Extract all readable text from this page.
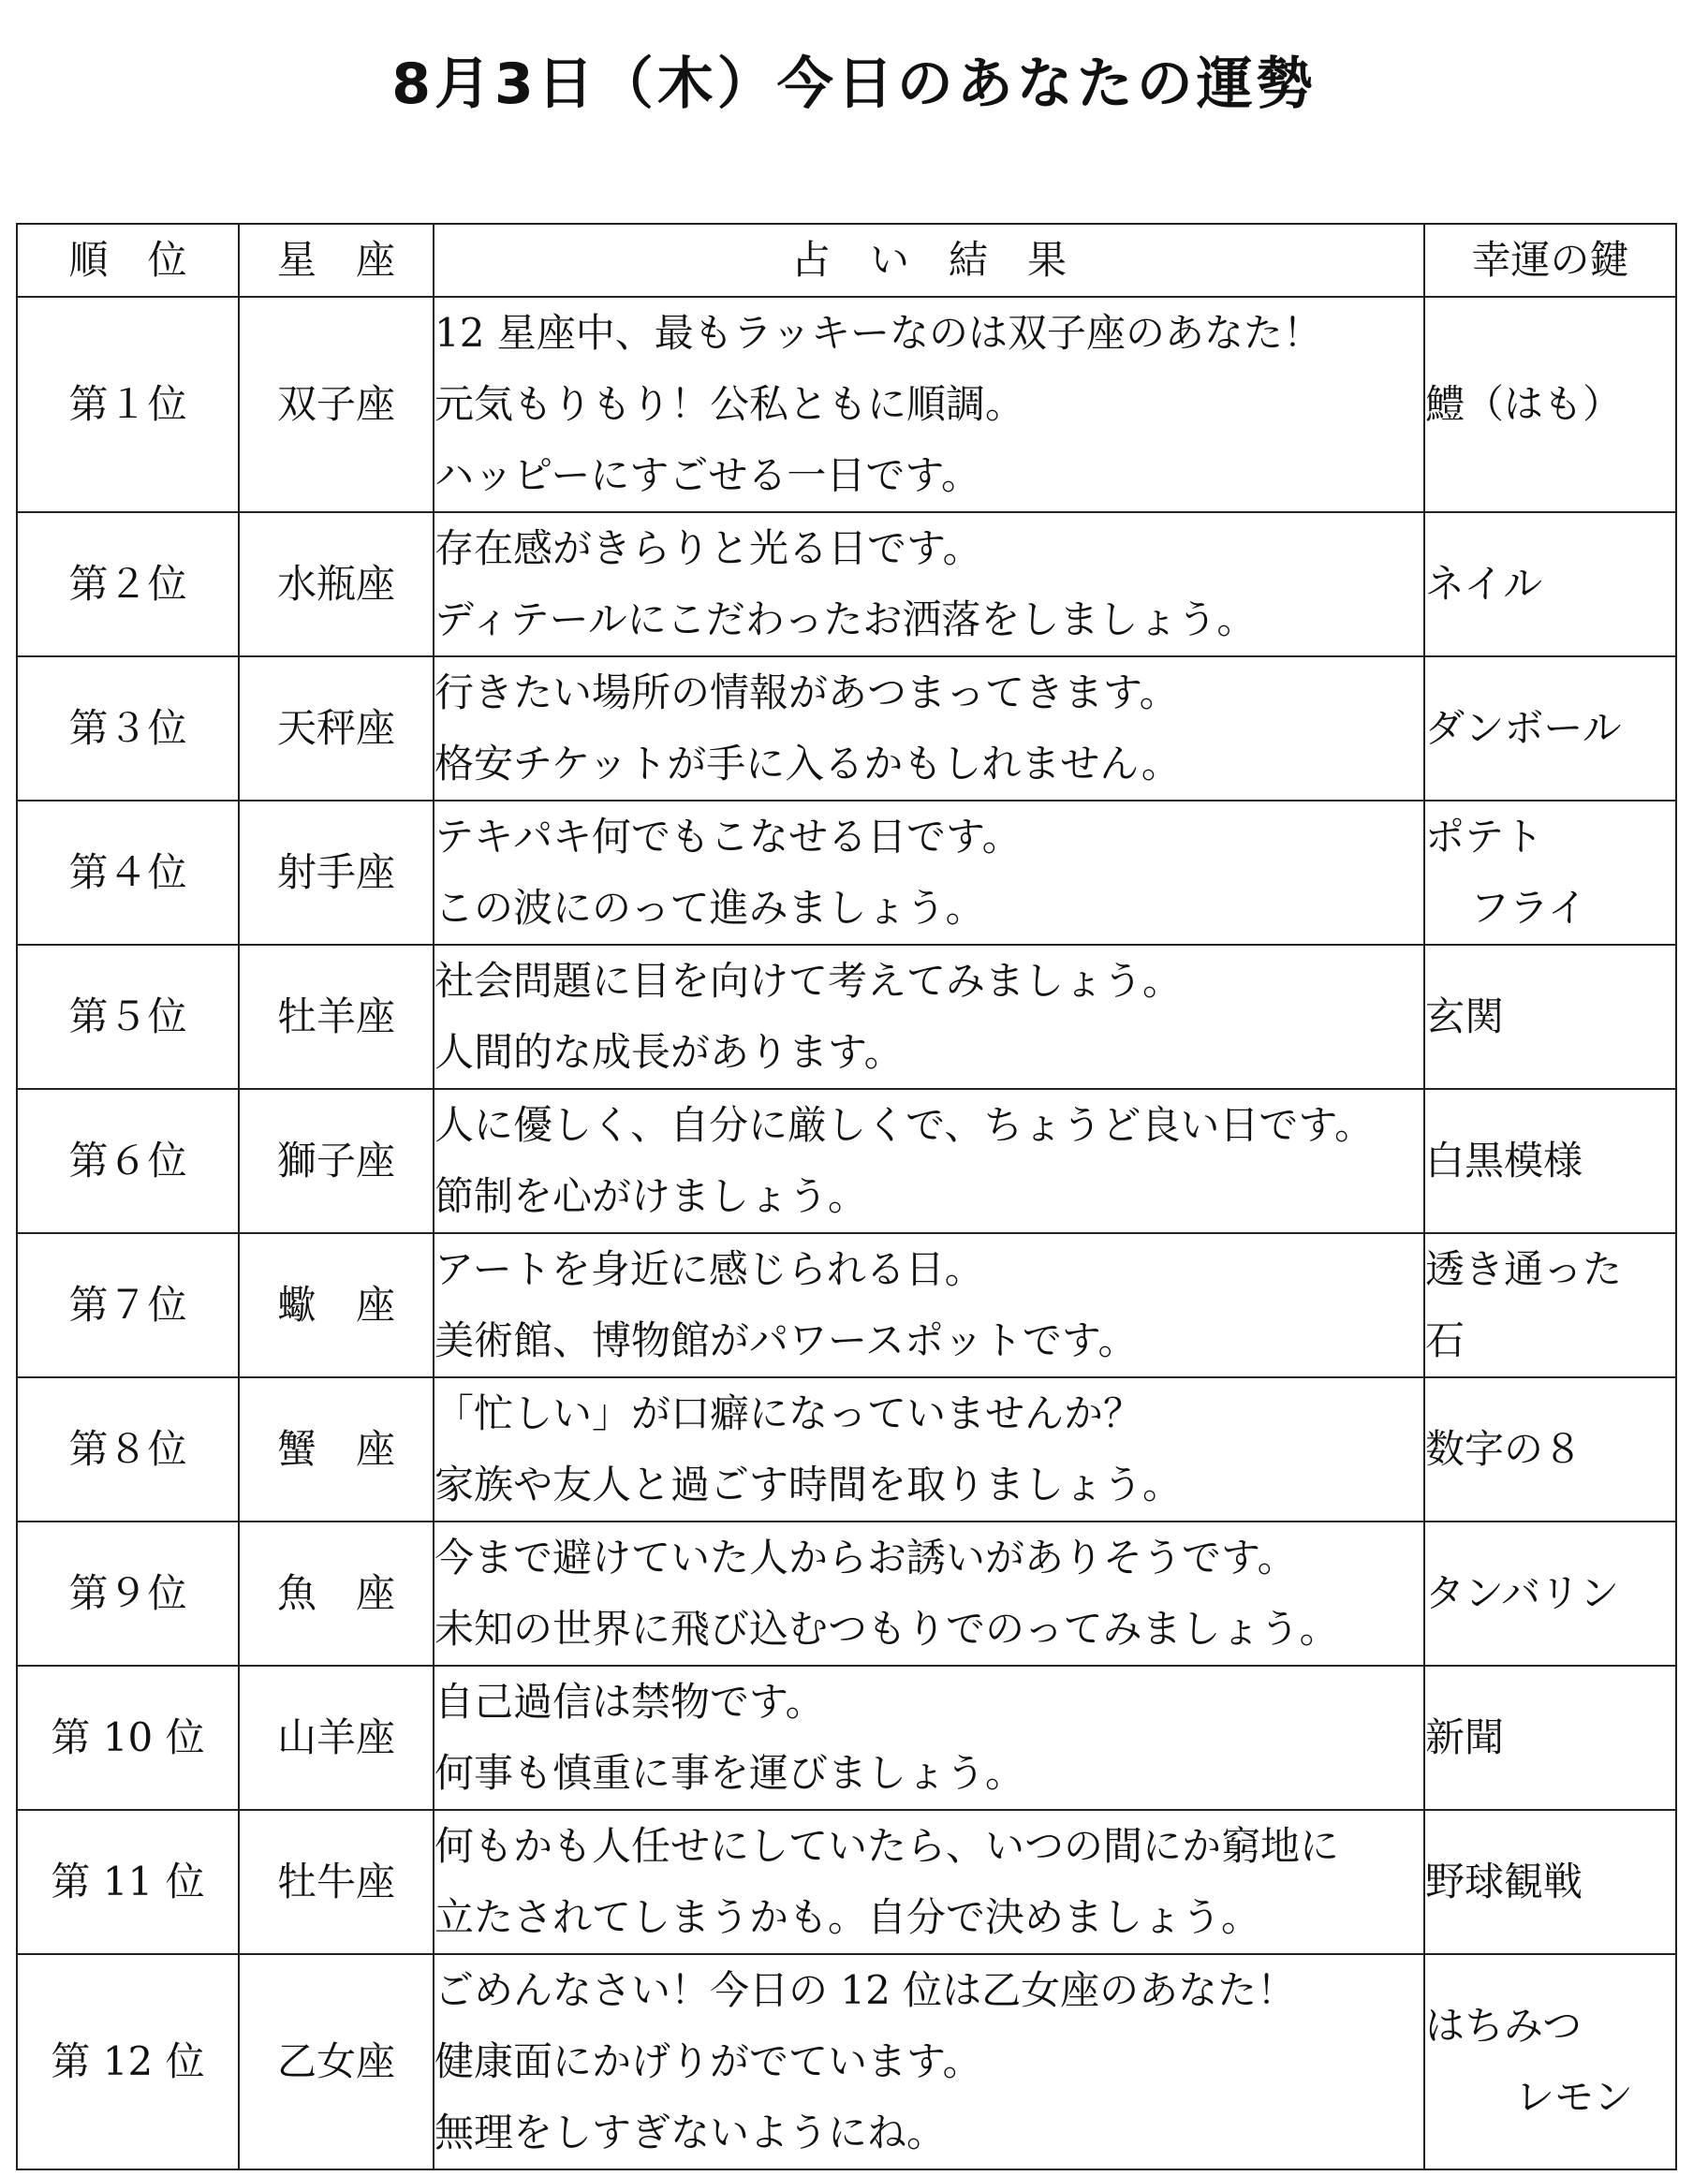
8月3日（木）今日のあなたの運勢
順　位	星　座	占　い　結　果	幸運の鍵
第１位	双子座	12 星座中、最もラッキーなのは双子座のあなた！
元気もりもり！公私ともに順調。
ハッピーにすごせる一日です。	鱧（はも）

第２位	水瓶座	存在感がきらりと光る日です。
ディテールにこだわったお洒落をしましょう。	ネイル

第３位	天秤座	行きたい場所の情報があつまってきます。
格安チケットが手に入るかもしれません。	ダンボール

第４位	射手座	テキパキ何でもこなせる日です。
この波にのって進みましょう。	ポテト
フライ

第５位	牡羊座	社会問題に目を向けて考えてみましょう。
人間的な成長があります。	玄関

第６位	獅子座	人に優しく、自分に厳しくで、ちょうど良い日です。
節制を心がけましょう。	白黒模様

第７位	蠍　座	アートを身近に感じられる日。
美術館、博物館がパワースポットです。	透き通った
石

第８位	蟹　座	「忙しい」が口癖になっていませんか？
家族や友人と過ごす時間を取りましょう。	数字の８

第９位	魚　座	今まで避けていた人からお誘いがありそうです。
未知の世界に飛び込むつもりでのってみましょう。	タンバリン

第 10 位	山羊座	自己過信は禁物です。
何事も慎重に事を運びましょう。	新聞

第 11 位	牡牛座	何もかも人任せにしていたら、いつの間にか窮地に
立たされてしまうかも。自分で決めましょう。	野球観戦

第 12 位	乙女座	ごめんなさい！今日の 12 位は乙女座のあなた！
健康面にかげりがでています。
無理をしすぎないようにね。	はちみつ
レモン
